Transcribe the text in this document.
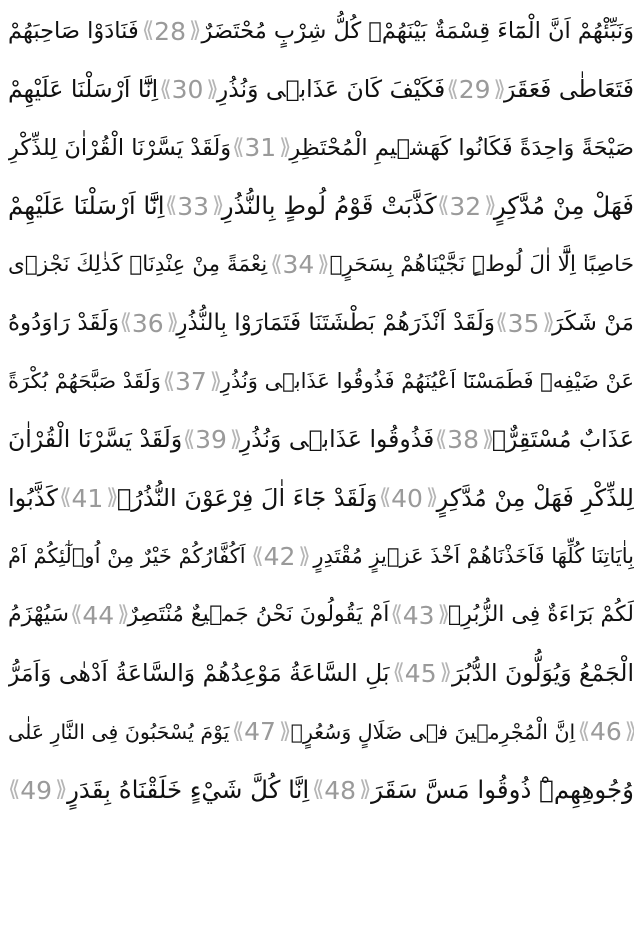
وَنَبِّئْهُمْ اَنَّ الْمَٓاءَ قِسْمَةٌ بَيْنَهُمْۚ كُلُّ شِرْبٍ مُحْتَضَرٌ
⟪ 28 ⟫
فَنَادَوْا صَاحِبَهُمْ
فَتَعَاطٰى فَعَقَرَ
⟪ 29 ⟫
فَكَيْفَ كَانَ عَذَابٖى وَنُذُرِ
⟪ 30 ⟫
اِنَّٓا اَرْسَلْنَا عَلَيْهِمْ
صَيْحَةً وَاحِدَةً فَكَانُوا كَهَشٖيمِ الْمُحْتَظِرِ
⟪ 31 ⟫
وَلَقَدْ يَسَّرْنَا الْقُرْاٰنَ لِلذِّكْرِ
فَهَلْ مِنْ مُدَّكِرٍ
⟪ 32 ⟫
كَذَّبَتْ قَوْمُ لُوطٍ بِالنُّذُرِ
⟪ 33 ⟫
اِنَّٓا اَرْسَلْنَا عَلَيْهِمْ
حَاصِبًا اِلَّٓا اٰلَ لُوطٍۜ نَجَّيْنَاهُمْ بِسَحَرٍۙ
⟪ 34 ⟫
نِعْمَةً مِنْ عِنْدِنَاۜ كَذٰلِكَ نَجْزٖى
مَنْ شَكَرَ
⟪ 35 ⟫
وَلَقَدْ اَنْذَرَهُمْ بَطْشَتَنَا فَتَمَارَوْا بِالنُّذُرِ
⟪ 36 ⟫
وَلَقَدْ رَاوَدُوهُ
عَنْ ضَيْفِهٖ فَطَمَسْنَٓا اَعْيُنَهُمْ فَذُوقُوا عَذَابٖى وَنُذُرِ
⟪ 37 ⟫
وَلَقَدْ صَبَّحَهُمْ بُكْرَةً
عَذَابٌ مُسْتَقِرٌّۚ
⟪ 38 ⟫
فَذُوقُوا عَذَابٖى وَنُذُرِ
⟪ 39 ⟫
وَلَقَدْ يَسَّرْنَا الْقُرْاٰنَ
لِلذِّكْرِ فَهَلْ مِنْ مُدَّكِرٍ
⟪ 40 ⟫
وَلَقَدْ جَٓاءَ اٰلَ فِرْعَوْنَ النُّذُرُۚ
⟪ 41 ⟫
كَذَّبُوا
بِاٰيَاتِنَا كُلِّهَا فَاَخَذْنَاهُمْ اَخْذَ عَزٖيزٍ مُقْتَدِرٍ
⟪ 42 ⟫
اَكُفَّارُكُمْ خَيْرٌ مِنْ اُو۬لٰٓئِكُمْ اَمْ
لَكُمْ بَرَٓاءَةٌ فِى الزُّبُرِۚ
⟪ 43 ⟫
اَمْ يَقُولُونَ نَحْنُ جَمٖيعٌ مُنْتَصِرٌ
⟪ 44 ⟫
سَيُهْزَمُ
الْجَمْعُ وَيُوَلُّونَ الدُّبُرَ
⟪ 45 ⟫
بَلِ السَّاعَةُ مَوْعِدُهُمْ وَالسَّاعَةُ اَدْهٰى وَاَمَرُّ
⟪ 46 ⟫
اِنَّ الْمُجْرِمٖينَ فٖى ضَلَالٍ وَسُعُرٍۢ
⟪ 47 ⟫
يَوْمَ يُسْحَبُونَ فِى النَّارِ عَلٰى
وُجُوهِهِمْۜ ذُوقُوا مَسَّ سَقَرَ
⟪ 48 ⟫
اِنَّا كُلَّ شَيْءٍ خَلَقْنَاهُ بِقَدَرٍ
⟪ 49 ⟫
